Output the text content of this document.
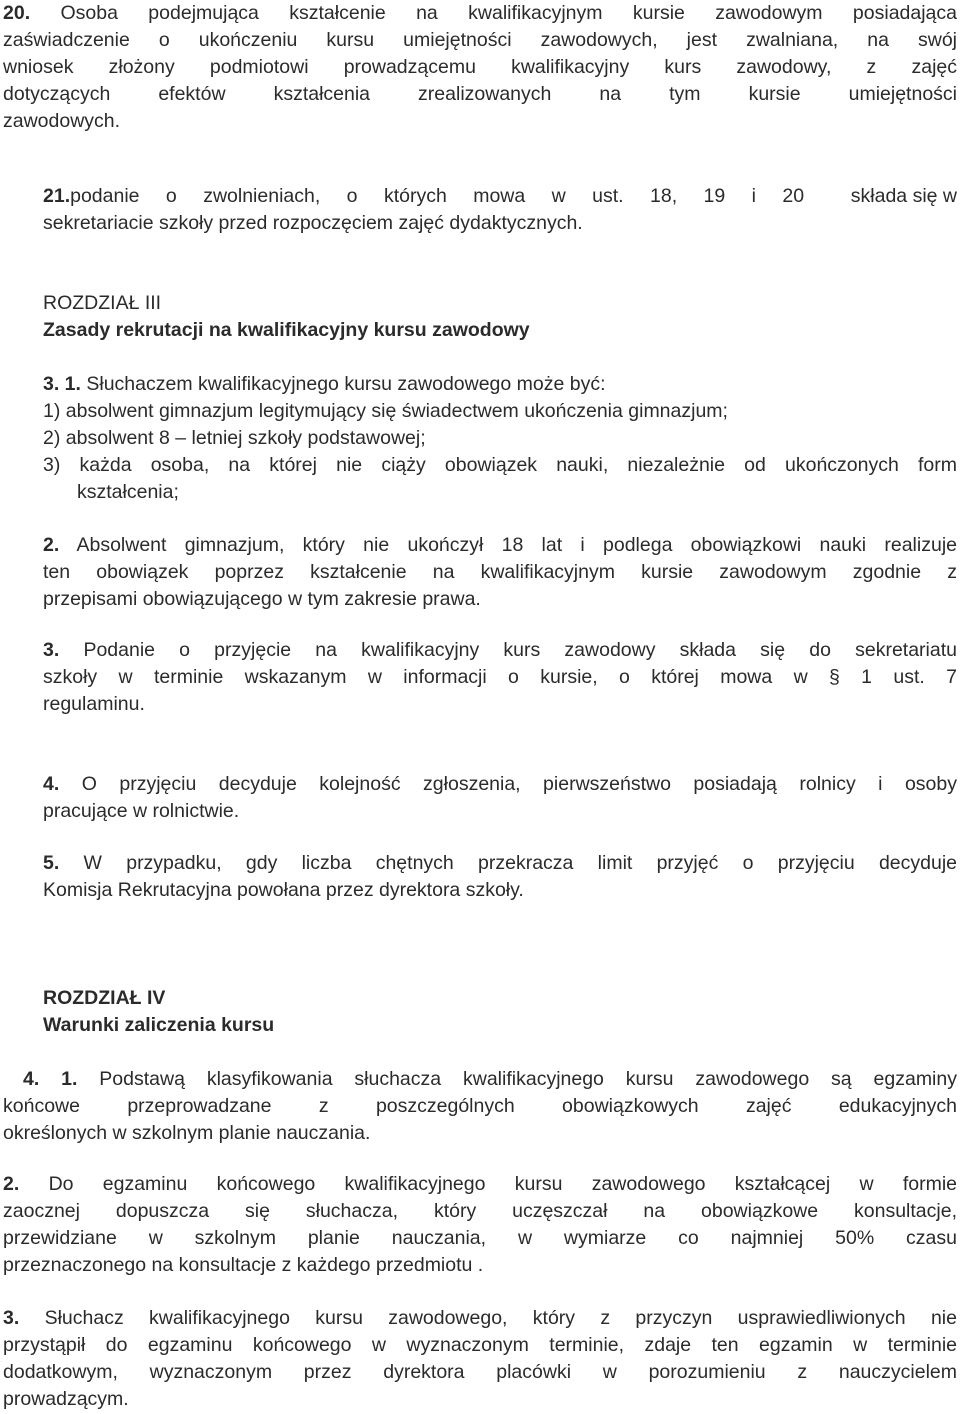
20. Osoba podejmująca kształcenie na kwalifikacyjnym kursie zawodowym posiadająca
zaświadczenie o ukończeniu kursu umiejętności zawodowych, jest zwalniana, na swój
wniosek złożony podmiotowi prowadzącemu kwalifikacyjny kurs zawodowy, z zajęć
dotyczących efektów kształcenia zrealizowanych na tym kursie umiejętności
zawodowych.
21.podanie o zwolnieniach, o których mowa w ust. 18, 19 i 20 składa się w
sekretariacie szkoły przed rozpoczęciem zajęć dydaktycznych.
ROZDZIAŁ III
Zasady rekrutacji na kwalifikacyjny kursu zawodowy
3. 1. Słuchaczem kwalifikacyjnego kursu zawodowego może być:
1) absolwent gimnazjum legitymujący się świadectwem ukończenia gimnazjum;
2) absolwent 8 – letniej szkoły podstawowej;
3) każda osoba, na której nie ciąży obowiązek nauki, niezależnie od ukończonych form
kształcenia;
2. Absolwent gimnazjum, który nie ukończył 18 lat i podlega obowiązkowi nauki realizuje
ten obowiązek poprzez kształcenie na kwalifikacyjnym kursie zawodowym zgodnie z
przepisami obowiązującego w tym zakresie prawa.
3. Podanie o przyjęcie na kwalifikacyjny kurs zawodowy składa się do sekretariatu
szkoły w terminie wskazanym w informacji o kursie, o której mowa w § 1 ust. 7
regulaminu.
4. O przyjęciu decyduje kolejność zgłoszenia, pierwszeństwo posiadają rolnicy i osoby
pracujące w rolnictwie.
5. W przypadku, gdy liczba chętnych przekracza limit przyjęć o przyjęciu decyduje
Komisja Rekrutacyjna powołana przez dyrektora szkoły.
ROZDZIAŁ IV
Warunki zaliczenia kursu
4. 1. Podstawą klasyfikowania słuchacza kwalifikacyjnego kursu zawodowego są egzaminy
końcowe przeprowadzane z poszczególnych obowiązkowych zajęć edukacyjnych
określonych w szkolnym planie nauczania.
2. Do egzaminu końcowego kwalifikacyjnego kursu zawodowego kształcącej w formie
zaocznej dopuszcza się słuchacza, który uczęszczał na obowiązkowe konsultacje,
przewidziane w szkolnym planie nauczania, w wymiarze co najmniej 50% czasu
przeznaczonego na konsultacje z każdego przedmiotu .
3. Słuchacz kwalifikacyjnego kursu zawodowego, który z przyczyn usprawiedliwionych nie
przystąpił do egzaminu końcowego w wyznaczonym terminie, zdaje ten egzamin w terminie
dodatkowym, wyznaczonym przez dyrektora placówki w porozumieniu z nauczycielem
prowadzącym.
